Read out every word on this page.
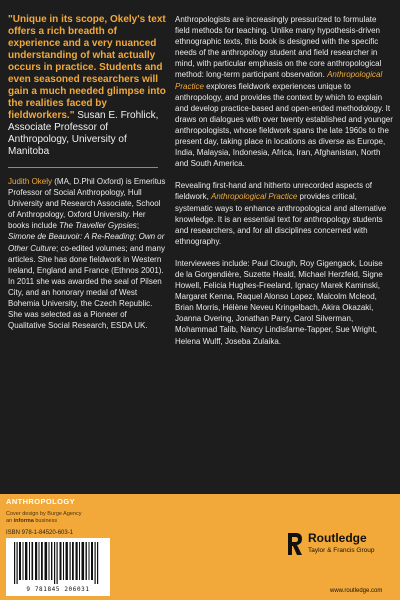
"Unique in its scope, Okely's text offers a rich breadth of experience and a very nuanced understanding of what actually occurs in practice. Students and even seasoned researchers will gain a much needed glimpse into the realities faced by fieldworkers." Susan E. Frohlick, Associate Professor of Anthropology, University of Manitoba

Judith Okely (MA, D.Phil Oxford) is Emeritus Professor of Social Anthropology, Hull University and Research Associate, School of Anthropology, Oxford University. Her books include The Traveller Gypsies; Simone de Beauvoir: A Re-Reading; Own or Other Culture; co-edited volumes; and many articles. She has done fieldwork in Western Ireland, England and France (Ethnos 2001). In 2011 she was awarded the seal of Pilsen City, and an honorary medal of West Bohemia University, the Czech Republic. She was selected as a Pioneer of Qualitative Social Research, ESDA UK.

Anthropologists are increasingly pressurized to formulate field methods for teaching. Unlike many hypothesis-driven ethnographic texts, this book is designed with the specific needs of the anthropology student and field researcher in mind, with particular emphasis on the core anthropological method: long-term participant observation. Anthropological Practice explores fieldwork experiences unique to anthropology, and provides the context by which to explain and develop practice-based and open-ended methodology. It draws on dialogues with over twenty established and younger anthropologists, whose fieldwork spans the late 1960s to the present day, taking place in locations as diverse as Europe, India, Malaysia, Indonesia, Africa, Iran, Afghanistan, North and South America.

Revealing first-hand and hitherto unrecorded aspects of fieldwork, Anthropological Practice provides critical, systematic ways to enhance anthropological and alternative knowledge. It is an essential text for anthropology students and researchers, and for all disciplines concerned with ethnography.

Interviewees include: Paul Clough, Roy Gigengack, Louise de la Gorgendière, Suzette Heald, Michael Herzfeld, Signe Howell, Felicia Hughes-Freeland, Ignacy Marek Kaminski, Margaret Kenna, Raquel Alonso Lopez, Malcolm Mcleod, Brian Morris, Hélène Neveu Kringelbach, Akira Okazaki, Joanna Overing, Jonathan Parry, Carol Silverman, Mohammad Talib, Nancy Lindisfarne-Tapper, Sue Wright, Helena Wulff, Joseba Zulaika.

ANTHROPOLOGY
Cover design by Burge Agency
an informa business
ISBN 978-1-84520-603-1
9 781845 206031
Routledge
Taylor & Francis Group
www.routledge.com
